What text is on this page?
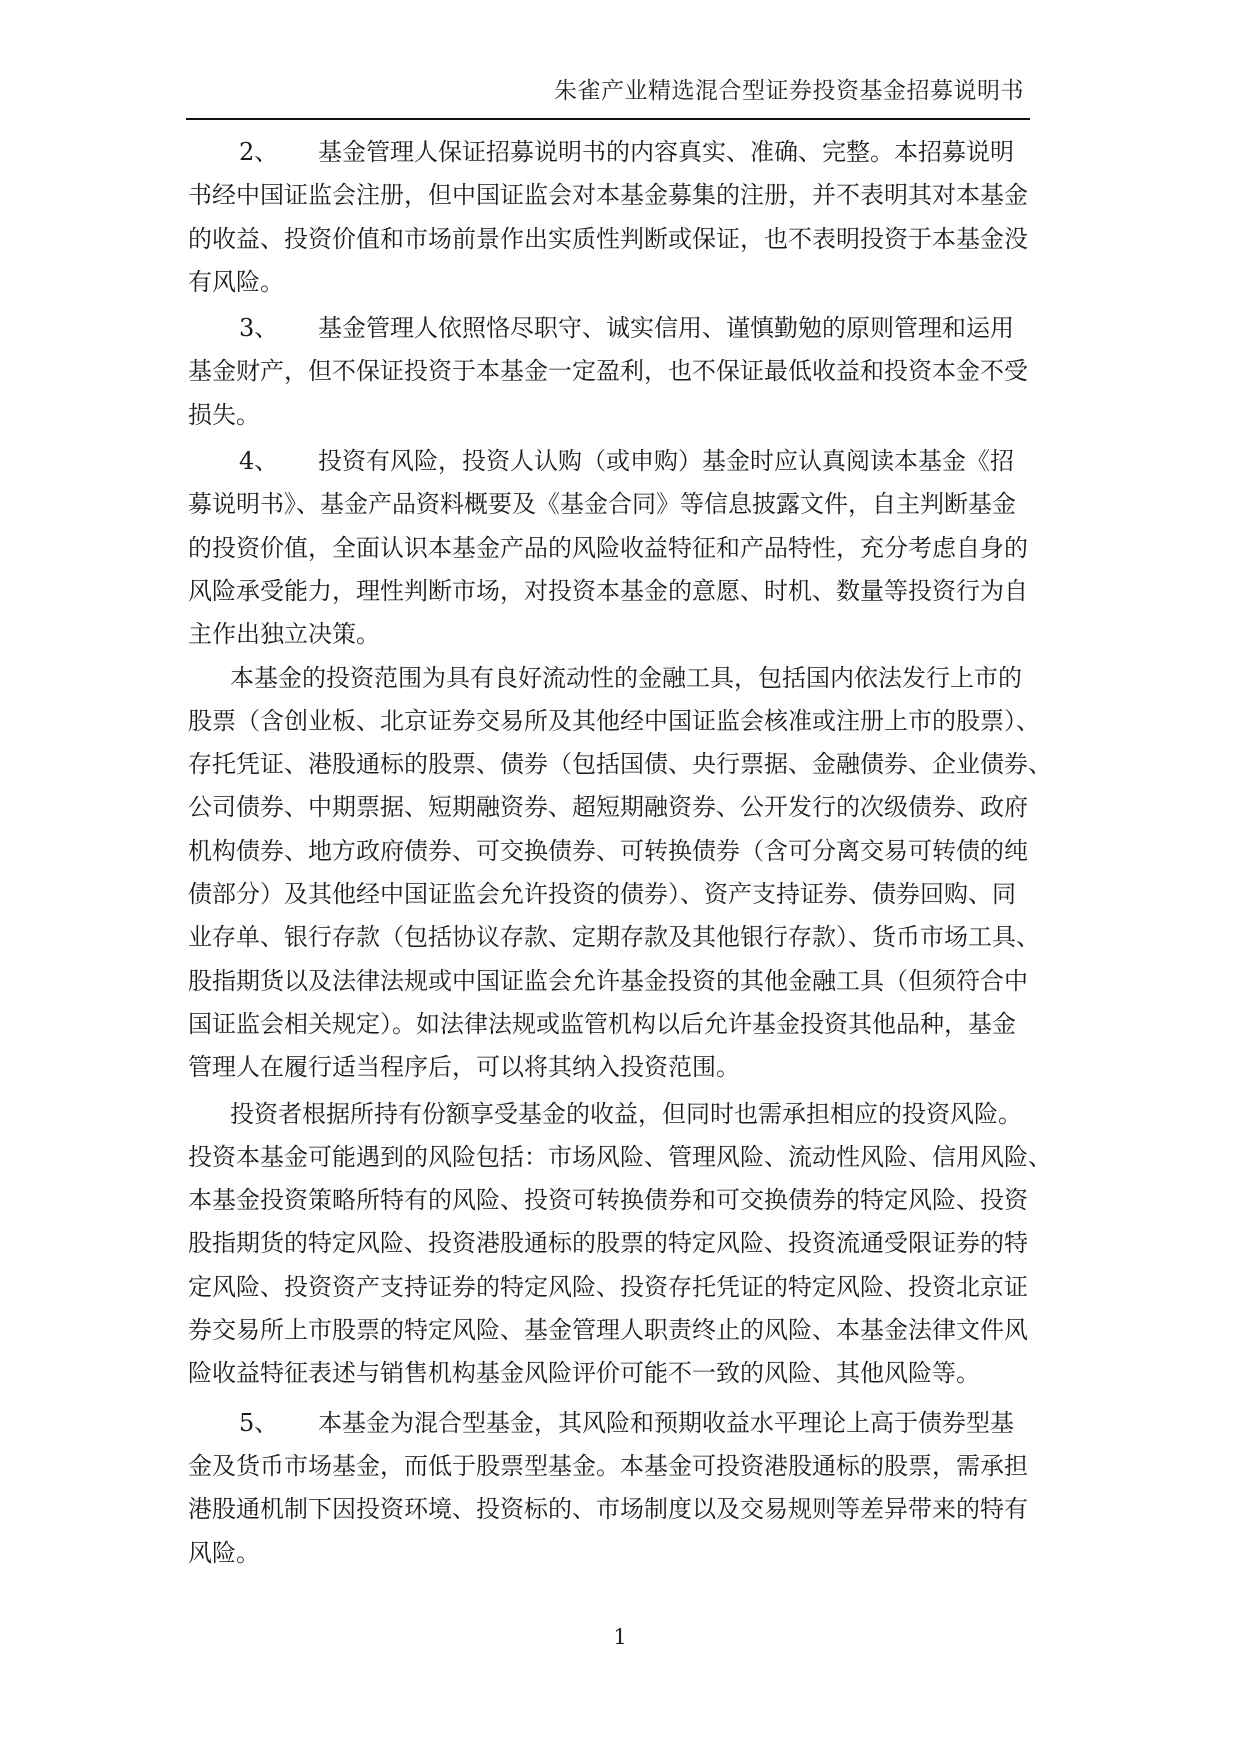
朱雀产业精选混合型证券投资基金招募说明书
2、	基金管理人保证招募说明书的内容真实、准确、完整。本招募说明
书经中国证监会注册，但中国证监会对本基金募集的注册，并不表明其对本基金
的收益、投资价值和市场前景作出实质性判断或保证，也不表明投资于本基金没
有风险。
3、	基金管理人依照恪尽职守、诚实信用、谨慎勤勉的原则管理和运用
基金财产，但不保证投资于本基金一定盈利，也不保证最低收益和投资本金不受
损失。
4、	投资有风险，投资人认购（或申购）基金时应认真阅读本基金《招
募说明书》、基金产品资料概要及《基金合同》等信息披露文件，自主判断基金
的投资价值，全面认识本基金产品的风险收益特征和产品特性，充分考虑自身的
风险承受能力，理性判断市场，对投资本基金的意愿、时机、数量等投资行为自
主作出独立决策。
本基金的投资范围为具有良好流动性的金融工具，包括国内依法发行上市的
股票（含创业板、北京证券交易所及其他经中国证监会核准或注册上市的股票）、
存托凭证、港股通标的股票、债券（包括国债、央行票据、金融债券、企业债券、
公司债券、中期票据、短期融资券、超短期融资券、公开发行的次级债券、政府
机构债券、地方政府债券、可交换债券、可转换债券（含可分离交易可转债的纯
债部分）及其他经中国证监会允许投资的债券）、资产支持证券、债券回购、同
业存单、银行存款（包括协议存款、定期存款及其他银行存款）、货币市场工具、
股指期货以及法律法规或中国证监会允许基金投资的其他金融工具（但须符合中
国证监会相关规定）。如法律法规或监管机构以后允许基金投资其他品种，基金
管理人在履行适当程序后，可以将其纳入投资范围。
投资者根据所持有份额享受基金的收益，但同时也需承担相应的投资风险。
投资本基金可能遇到的风险包括：市场风险、管理风险、流动性风险、信用风险、
本基金投资策略所特有的风险、投资可转换债券和可交换债券的特定风险、投资
股指期货的特定风险、投资港股通标的股票的特定风险、投资流通受限证券的特
定风险、投资资产支持证券的特定风险、投资存托凭证的特定风险、投资北京证
券交易所上市股票的特定风险、基金管理人职责终止的风险、本基金法律文件风
险收益特征表述与销售机构基金风险评价可能不一致的风险、其他风险等。
5、	本基金为混合型基金，其风险和预期收益水平理论上高于债券型基
金及货币市场基金，而低于股票型基金。本基金可投资港股通标的股票，需承担
港股通机制下因投资环境、投资标的、市场制度以及交易规则等差异带来的特有
风险。
1
